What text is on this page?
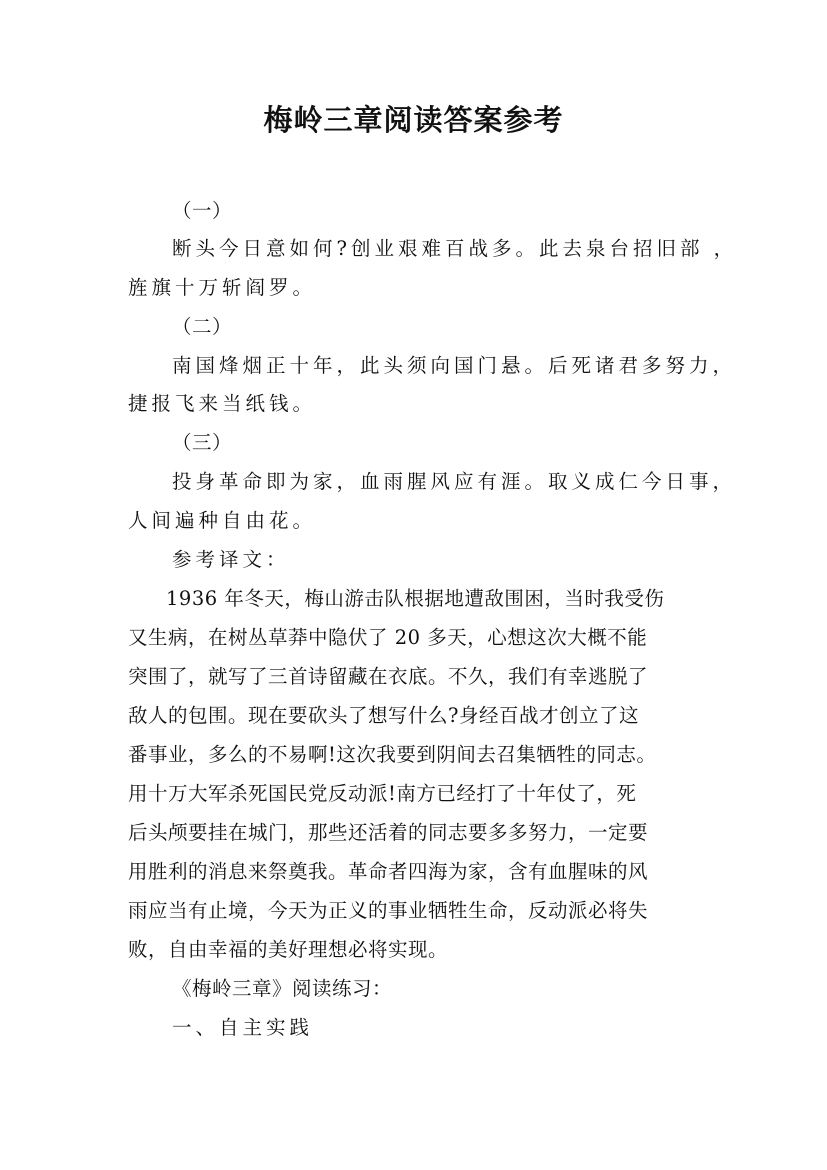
梅岭三章阅读答案参考
（一）
断头今日意如何?创业艰难百战多。此去泉台招旧部 ，
旌旗十万斩阎罗。
（二）
南国烽烟正十年，此头须向国门悬。后死诸君多努力，
捷报飞来当纸钱。
（三）
投身革命即为家，血雨腥风应有涯。取义成仁今日事，
人间遍种自由花。
参考译文：
1936 年冬天，梅山游击队根据地遭敌围困，当时我受伤
又生病，在树丛草莽中隐伏了 20 多天，心想这次大概不能
突围了，就写了三首诗留藏在衣底。不久，我们有幸逃脱了
敌人的包围。现在要砍头了想写什么?身经百战才创立了这
番事业，多么的不易啊!这次我要到阴间去召集牺牲的同志。
用十万大军杀死国民党反动派!南方已经打了十年仗了，死
后头颅要挂在城门，那些还活着的同志要多多努力，一定要
用胜利的消息来祭奠我。革命者四海为家，含有血腥味的风
雨应当有止境，今天为正义的事业牺牲生命，反动派必将失
败，自由幸福的美好理想必将实现。
《梅岭三章》阅读练习：
一、自主实践
